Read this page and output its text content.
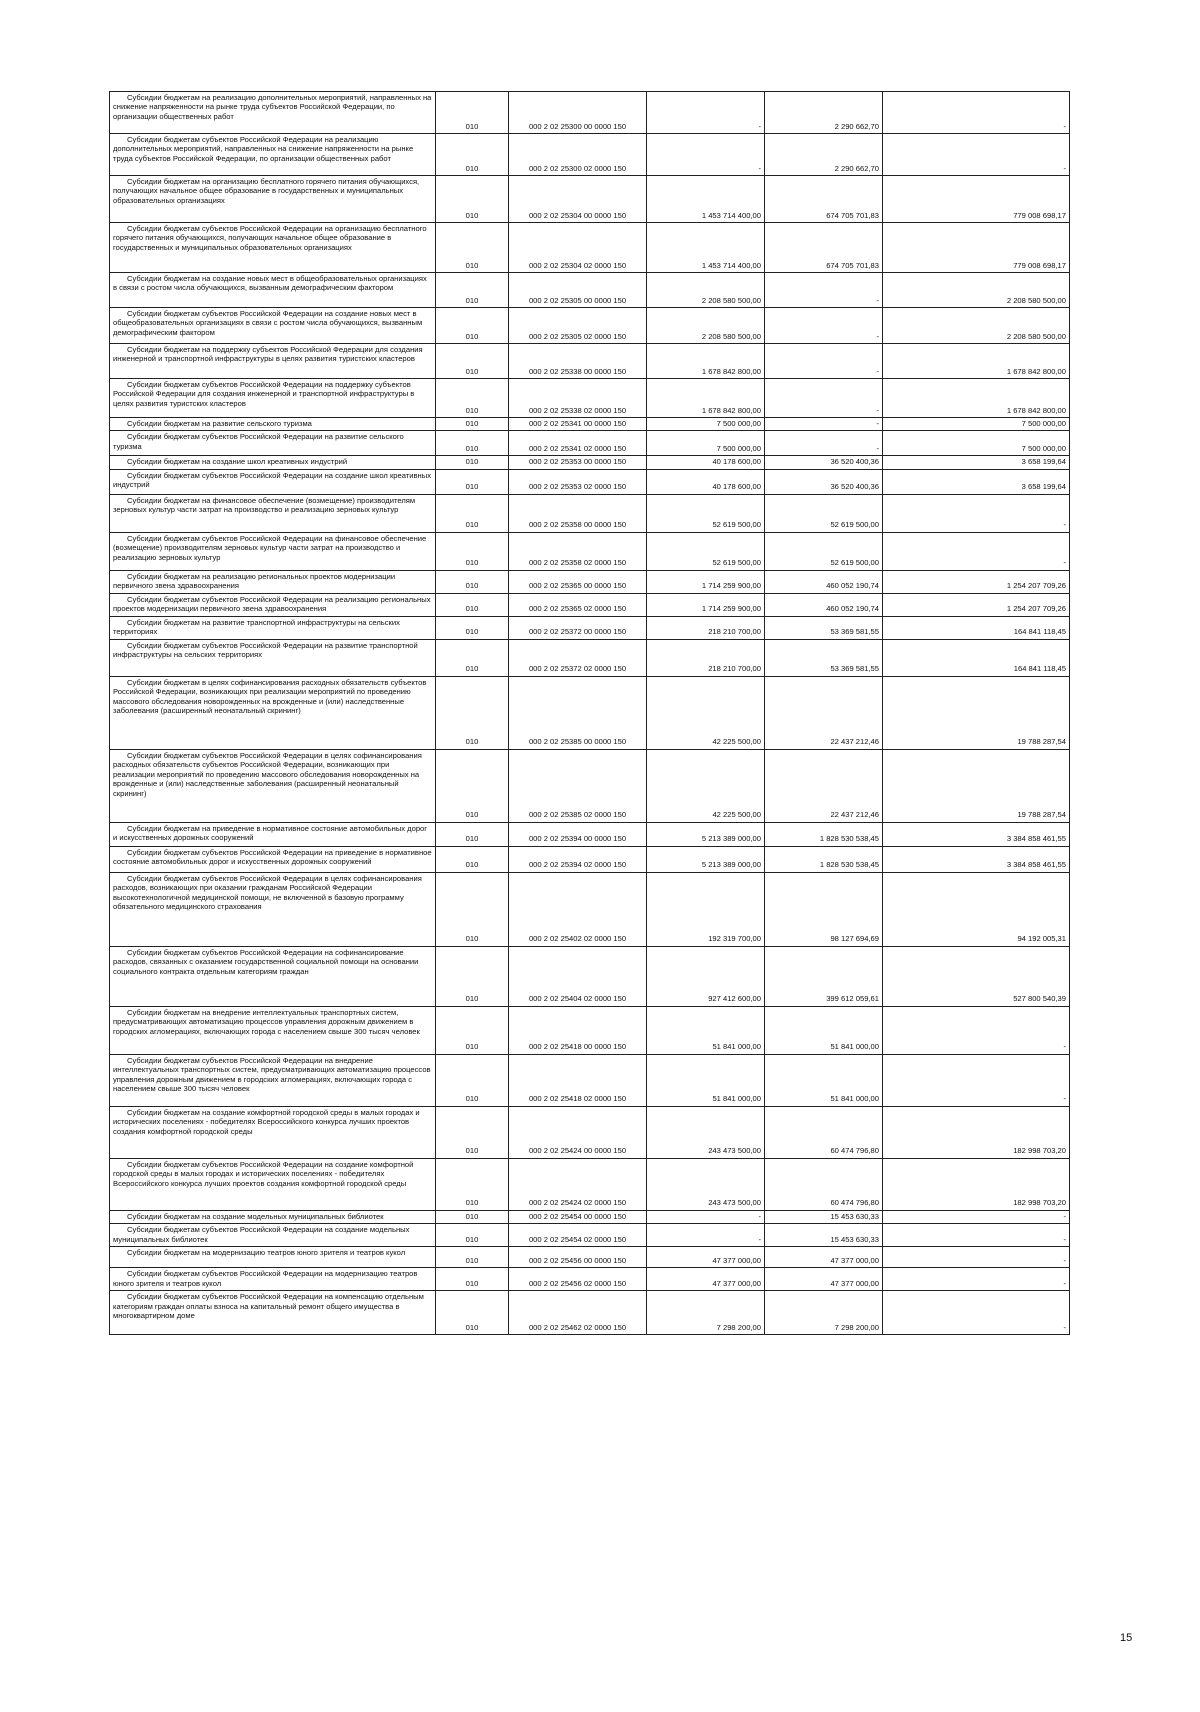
Субсидии бюджетам на реализацию дополнительных мероприятий, направленных на снижение напряженности на рынке труда субъектов Российской Федерации, по организации общественных работ	010	000 2 02 25300 00 0000 150	-	2 290 662,70	-

Субсидии бюджетам субъектов Российской Федерации на реализацию дополнительных мероприятий, направленных на снижение напряженности на рынке труда субъектов Российской Федерации, по организации общественных работ	010	000 2 02 25300 02 0000 150	-	2 290 662,70	-

Субсидии бюджетам на организацию бесплатного горячего питания обучающихся, получающих начальное общее образование в государственных и муниципальных образовательных организациях	010	000 2 02 25304 00 0000 150	1 453 714 400,00	674 705 701,83	779 008 698,17

Субсидии бюджетам субъектов Российской Федерации на организацию бесплатного горячего питания обучающихся, получающих начальное общее образование в государственных и муниципальных образовательных организациях	010	000 2 02 25304 02 0000 150	1 453 714 400,00	674 705 701,83	779 008 698,17

Субсидии бюджетам на создание новых мест в общеобразовательных организациях в связи с ростом числа обучающихся, вызванным демографическим фактором	010	000 2 02 25305 00 0000 150	2 208 580 500,00	-	2 208 580 500,00

Субсидии бюджетам субъектов Российской Федерации на создание новых мест в общеобразовательных организациях в связи с ростом числа обучающихся, вызванным демографическим фактором	010	000 2 02 25305 02 0000 150	2 208 580 500,00	-	2 208 580 500,00

Субсидии бюджетам на поддержку субъектов Российской Федерации для создания инженерной и транспортной инфраструктуры в целях развития туристских кластеров	010	000 2 02 25338 00 0000 150	1 678 842 800,00	-	1 678 842 800,00

Субсидии бюджетам субъектов Российской Федерации на поддержку субъектов Российской Федерации для создания инженерной и транспортной инфраструктуры в целях развития туристских кластеров	010	000 2 02 25338 02 0000 150	1 678 842 800,00	-	1 678 842 800,00

Субсидии бюджетам на развитие сельского туризма	010	000 2 02 25341 00 0000 150	7 500 000,00	-	7 500 000,00

Субсидии бюджетам субъектов Российской Федерации на развитие сельского туризма	010	000 2 02 25341 02 0000 150	7 500 000,00	-	7 500 000,00

Субсидии бюджетам на создание школ креативных индустрий	010	000 2 02 25353 00 0000 150	40 178 600,00	36 520 400,36	3 658 199,64

Субсидии бюджетам субъектов Российской Федерации на создание школ креативных индустрий	010	000 2 02 25353 02 0000 150	40 178 600,00	36 520 400,36	3 658 199,64

Субсидии бюджетам на финансовое обеспечение (возмещение) производителям зерновых культур части затрат на производство и реализацию зерновых культур	010	000 2 02 25358 00 0000 150	52 619 500,00	52 619 500,00	-

Субсидии бюджетам субъектов Российской Федерации на финансовое обеспечение (возмещение) производителям зерновых культур части затрат на производство и реализацию зерновых культур	010	000 2 02 25358 02 0000 150	52 619 500,00	52 619 500,00	-

Субсидии бюджетам на реализацию региональных проектов модернизации первичного звена здравоохранения	010	000 2 02 25365 00 0000 150	1 714 259 900,00	460 052 190,74	1 254 207 709,26

Субсидии бюджетам субъектов Российской Федерации на реализацию региональных проектов модернизации первичного звена здравоохранения	010	000 2 02 25365 02 0000 150	1 714 259 900,00	460 052 190,74	1 254 207 709,26

Субсидии бюджетам на развитие транспортной инфраструктуры на сельских территориях	010	000 2 02 25372 00 0000 150	218 210 700,00	53 369 581,55	164 841 118,45

Субсидии бюджетам субъектов Российской Федерации на развитие транспортной инфраструктуры на сельских территориях	010	000 2 02 25372 02 0000 150	218 210 700,00	53 369 581,55	164 841 118,45

Субсидии бюджетам в целях софинансирования расходных обязательств субъектов Российской Федерации, возникающих при реализации мероприятий по проведению массового обследования новорожденных на врожденные и (или) наследственные заболевания (расширенный неонатальный скрининг)	010	000 2 02 25385 00 0000 150	42 225 500,00	22 437 212,46	19 788 287,54

Субсидии бюджетам субъектов Российской Федерации в целях софинансирования расходных обязательств субъектов Российской Федерации, возникающих при реализации мероприятий по проведению массового обследования новорожденных на врожденные и (или) наследственные заболевания (расширенный неонатальный скрининг)	010	000 2 02 25385 02 0000 150	42 225 500,00	22 437 212,46	19 788 287,54

Субсидии бюджетам на приведение в нормативное состояние автомобильных дорог и искусственных дорожных сооружений	010	000 2 02 25394 00 0000 150	5 213 389 000,00	1 828 530 538,45	3 384 858 461,55

Субсидии бюджетам субъектов Российской Федерации на приведение в нормативное состояние автомобильных дорог и искусственных дорожных сооружений	010	000 2 02 25394 02 0000 150	5 213 389 000,00	1 828 530 538,45	3 384 858 461,55

Субсидии бюджетам субъектов Российской Федерации в целях софинансирования расходов, возникающих при оказании гражданам Российской Федерации высокотехнологичной медицинской помощи, не включенной в базовую программу обязательного медицинского страхования	010	000 2 02 25402 02 0000 150	192 319 700,00	98 127 694,69	94 192 005,31

Субсидии бюджетам субъектов Российской Федерации на софинансирование расходов, связанных с оказанием государственной социальной помощи на основании социального контракта отдельным категориям граждан	010	000 2 02 25404 02 0000 150	927 412 600,00	399 612 059,61	527 800 540,39

Субсидии бюджетам на внедрение интеллектуальных транспортных систем, предусматривающих автоматизацию процессов управления дорожным движением в городских агломерациях, включающих города с населением свыше 300 тысяч человек	010	000 2 02 25418 00 0000 150	51 841 000,00	51 841 000,00	-

Субсидии бюджетам субъектов Российской Федерации на внедрение интеллектуальных транспортных систем, предусматривающих автоматизацию процессов управления дорожным движением в городских агломерациях, включающих города с населением свыше 300 тысяч человек	010	000 2 02 25418 02 0000 150	51 841 000,00	51 841 000,00	-

Субсидии бюджетам на создание комфортной городской среды в малых городах и исторических поселениях - победителях Всероссийского конкурса лучших проектов создания комфортной городской среды	010	000 2 02 25424 00 0000 150	243 473 500,00	60 474 796,80	182 998 703,20

Субсидии бюджетам субъектов Российской Федерации на создание комфортной городской среды в малых городах и исторических поселениях - победителях Всероссийского конкурса лучших проектов создания комфортной городской среды	010	000 2 02 25424 02 0000 150	243 473 500,00	60 474 796,80	182 998 703,20

Субсидии бюджетам на создание модельных муниципальных библиотек	010	000 2 02 25454 00 0000 150	-	15 453 630,33	-

Субсидии бюджетам субъектов Российской Федерации на создание модельных муниципальных библиотек	010	000 2 02 25454 02 0000 150	-	15 453 630,33	-

Субсидии бюджетам на модернизацию театров юного зрителя и театров кукол	010	000 2 02 25456 00 0000 150	47 377 000,00	47 377 000,00	-

Субсидии бюджетам субъектов Российской Федерации на модернизацию театров юного зрителя и театров кукол	010	000 2 02 25456 02 0000 150	47 377 000,00	47 377 000,00	-

Субсидии бюджетам субъектов Российской Федерации на компенсацию отдельным категориям граждан оплаты взноса на капитальный ремонт общего имущества в многоквартирном доме	010	000 2 02 25462 02 0000 150	7 298 200,00	7 298 200,00	-
15
